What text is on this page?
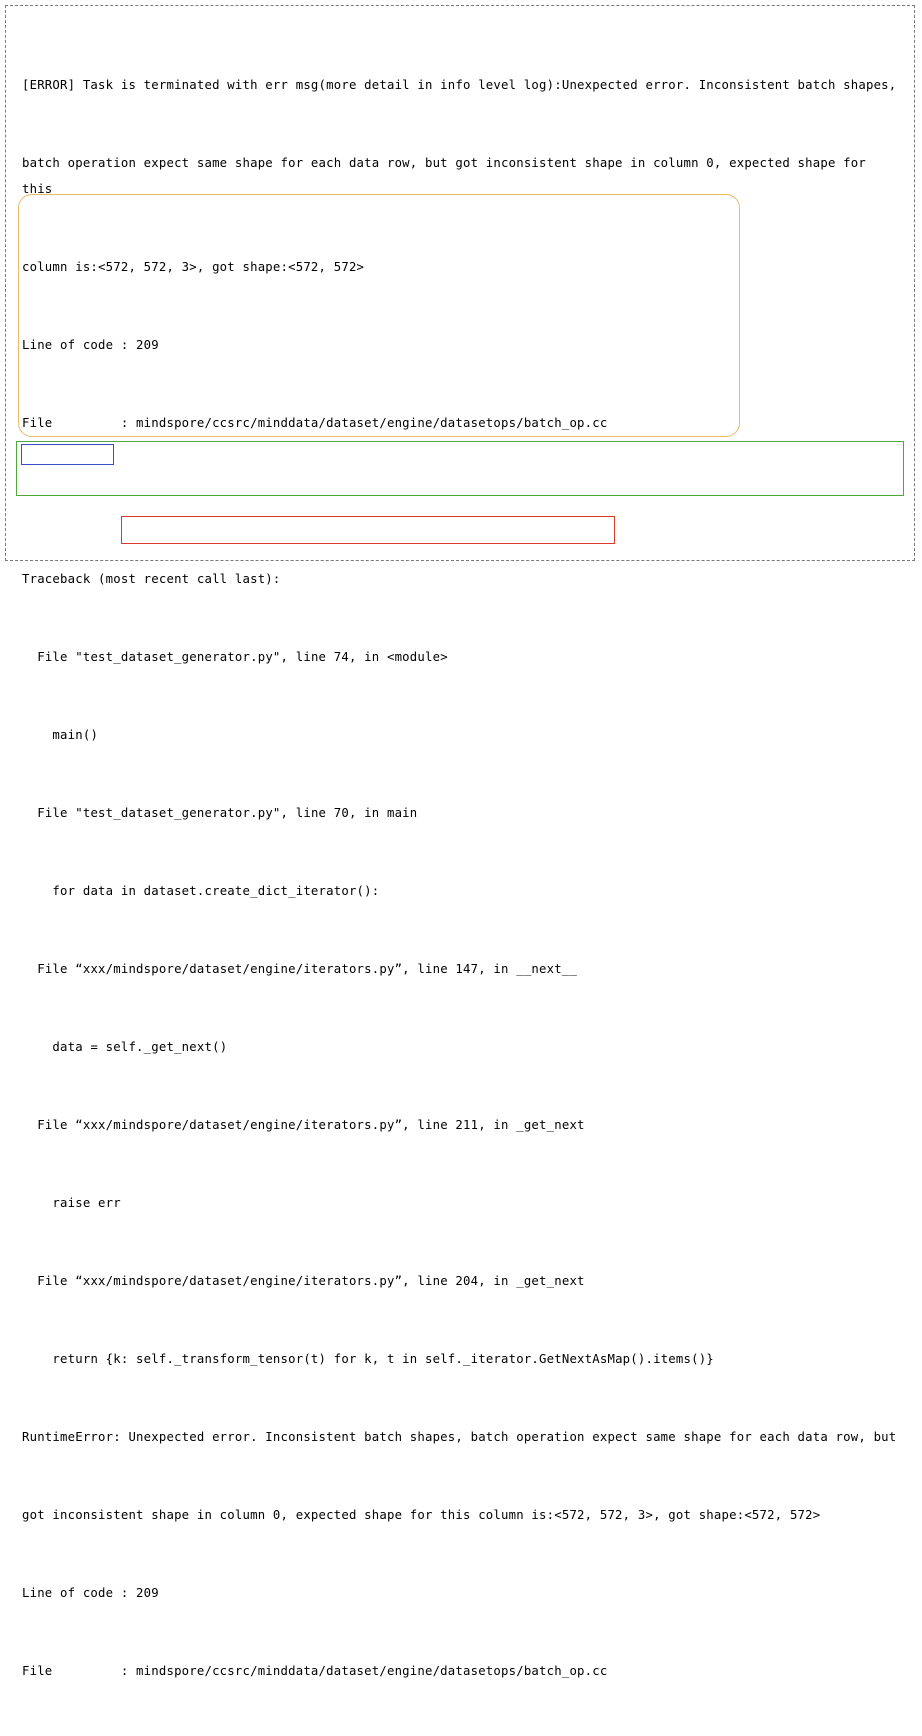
[ERROR] Task is terminated with err msg(more detail in info level log):Unexpected error. Inconsistent batch shapes,

batch operation expect same shape for each data row, but got inconsistent shape in column 0, expected shape for this

column is:<572, 572, 3>, got shape:<572, 572>

Line of code : 209

File         : mindspore/ccsrc/minddata/dataset/engine/datasetops/batch_op.cc

Traceback (most recent call last):

File "test_dataset_generator.py", line 74, in <module>

main()

File "test_dataset_generator.py", line 70, in main

for data in dataset.create_dict_iterator():

File “xxx/mindspore/dataset/engine/iterators.py”, line 147, in __next__

data = self._get_next()

File “xxx/mindspore/dataset/engine/iterators.py”, line 211, in _get_next

raise err

File “xxx/mindspore/dataset/engine/iterators.py”, line 204, in _get_next

return {k: self._transform_tensor(t) for k, t in self._iterator.GetNextAsMap().items()}

RuntimeError: Unexpected error. Inconsistent batch shapes, batch operation expect same shape for each data row, but

got inconsistent shape in column 0, expected shape for this column is:<572, 572, 3>, got shape:<572, 572>

Line of code : 209

File         : mindspore/ccsrc/minddata/dataset/engine/datasetops/batch_op.cc
